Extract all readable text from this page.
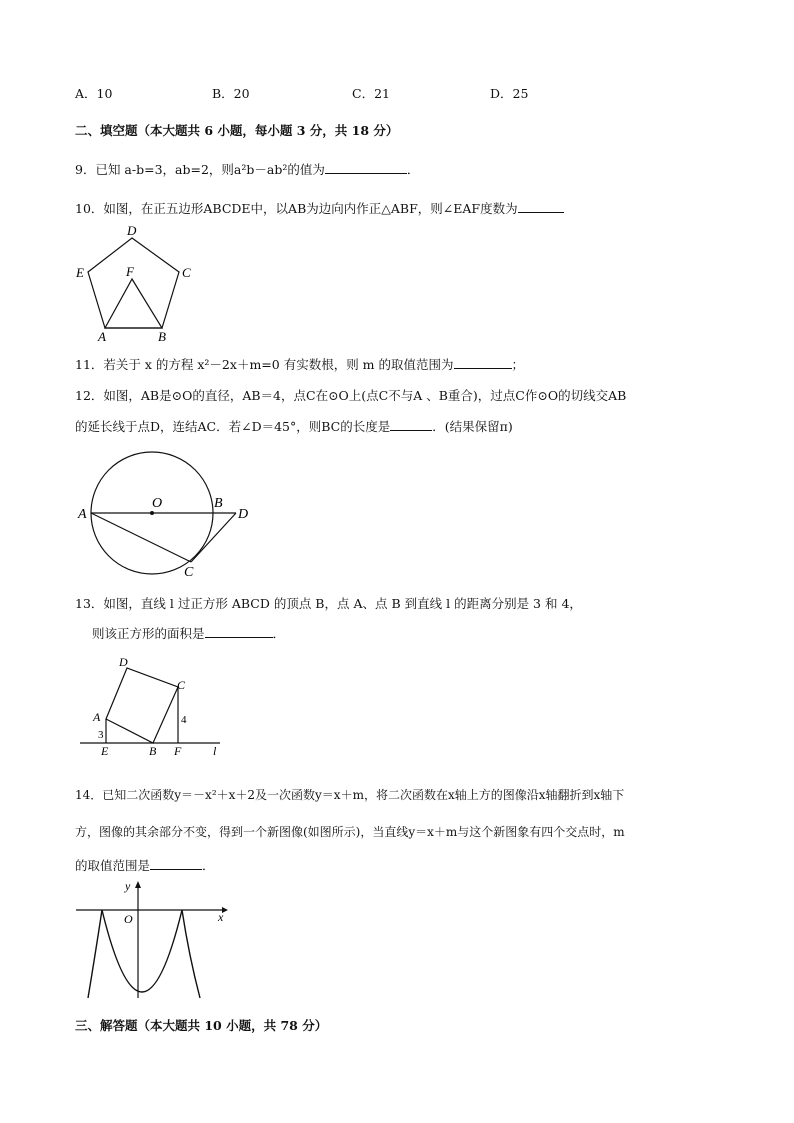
A．10	B．20	C．21	D．25
二、填空题（本大题共 6 小题，每小题 3 分，共 18 分）
9．已知 a-b=3，ab=2，则a²b－ab²的值为	．
10．如图，在正五边形ABCDE中，以AB为边向内作正△ABF，则∠EAF度数为
D
E	C
F
A	B
11．若关于 x 的方程 x²－2x＋m=0 有实数根，则 m 的取值范围为	；
12．如图，AB是⊙O的直径，AB＝4，点C在⊙O上(点C不与A 、B重合)，过点C作⊙O的切线交AB
的延长线于点D，连结AC．若∠D＝45°，则BC的长度是	．(结果保留π)
A
O	B
D
C
13．如图，直线 l 过正方形 ABCD 的顶点 B，点 A、点 B 到直线 l 的距离分别是 3 和 4，
则该正方形的面积是	．
D
C
A	4
3
E	B F	l
14．已知二次函数y＝－x²＋x＋2及一次函数y＝x＋m，将二次函数在x轴上方的图像沿x轴翻折到x轴下
方，图像的其余部分不变，得到一个新图像(如图所示)，当直线y＝x＋m与这个新图象有四个交点时，m
的取值范围是	．
y
O	x
三、解答题（本大题共 10 小题，共 78 分）
